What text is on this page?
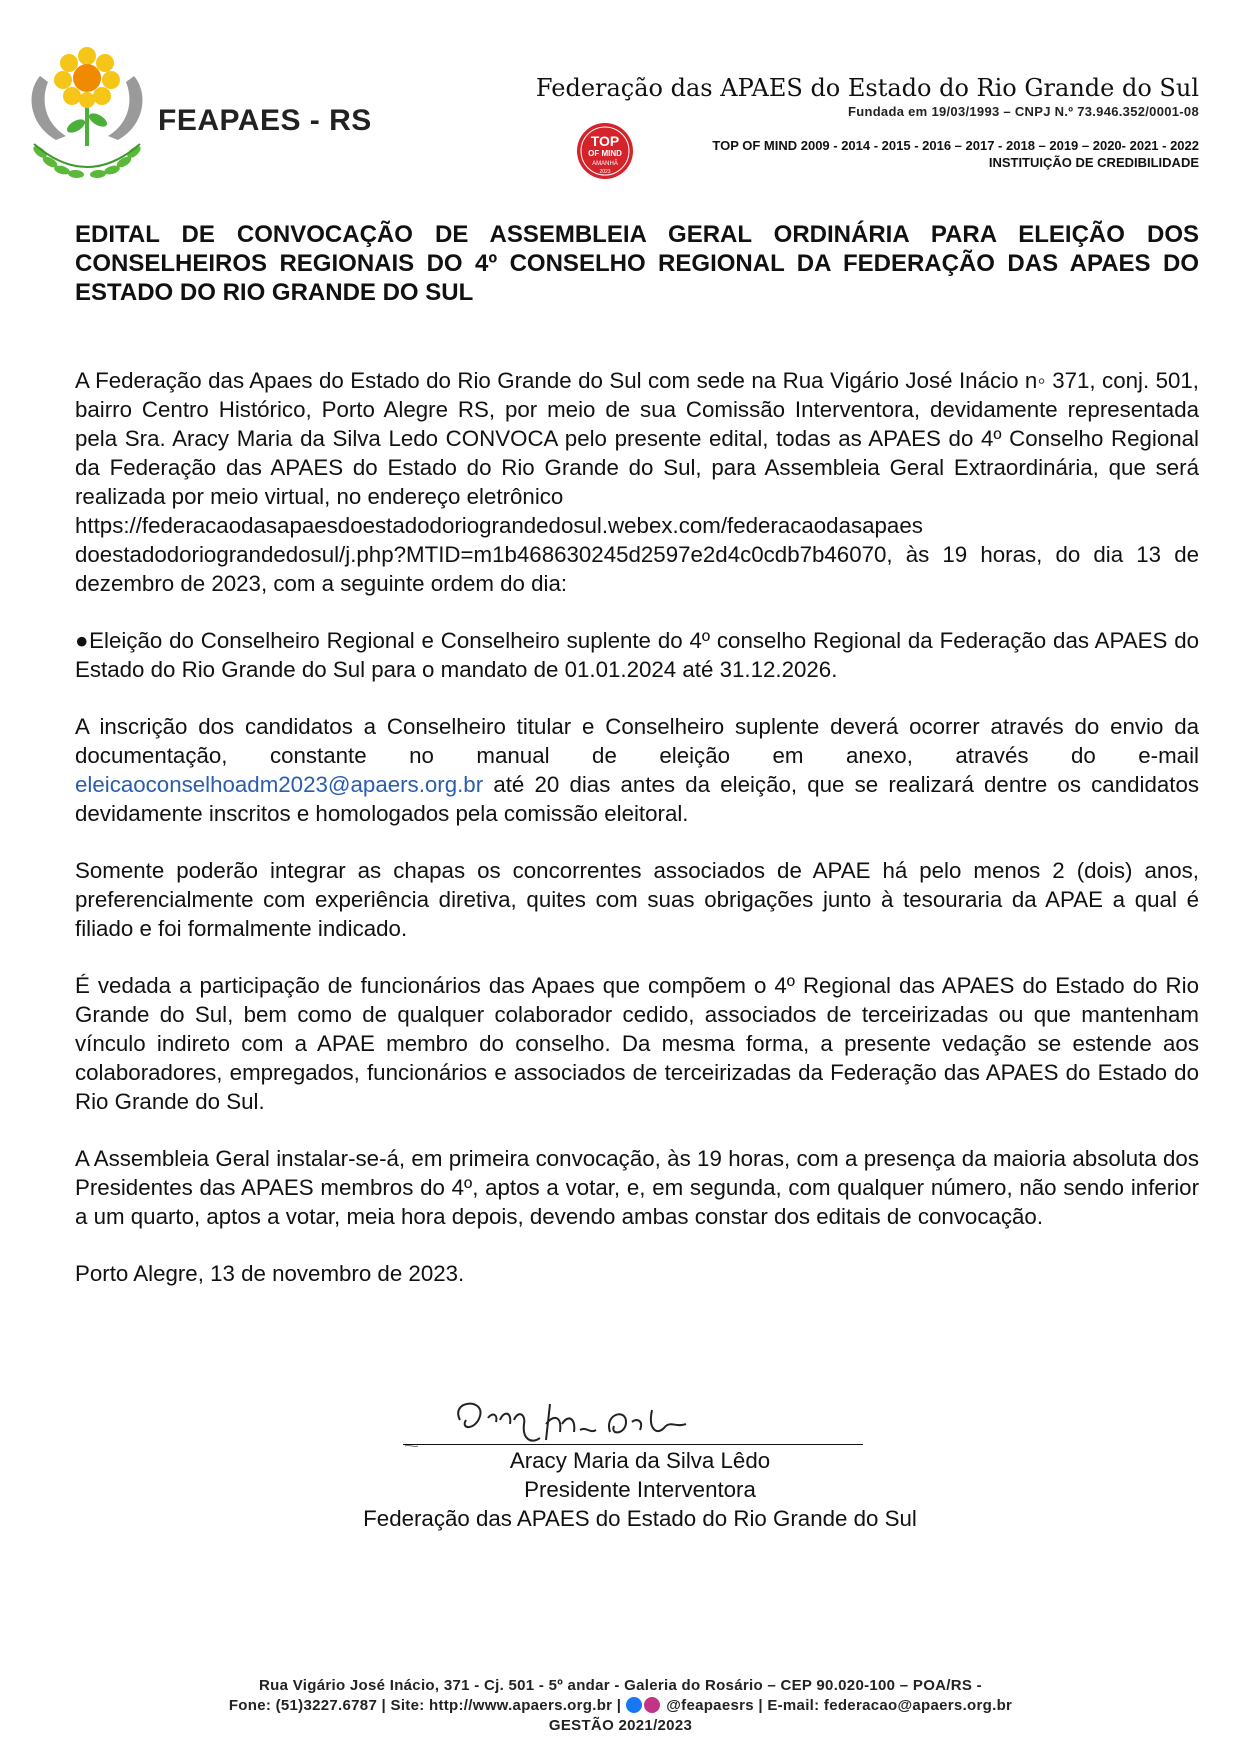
FEAPAES - RS
Federação das APAES do Estado do Rio Grande do Sul
Fundada em 19/03/1993 – CNPJ N.º 73.946.352/0001-08
TOP
OF MIND
AMANHÃ
2023
TOP OF MIND 2009 - 2014 - 2015 - 2016 – 2017 - 2018 – 2019 – 2020- 2021 - 2022
INSTITUIÇÃO DE CREDIBILIDADE
EDITAL DE CONVOCAÇÃO DE ASSEMBLEIA GERAL ORDINÁRIA PARA ELEIÇÃO DOS CONSELHEIROS REGIONAIS DO 4º CONSELHO REGIONAL DA FEDERAÇÃO DAS APAES DO ESTADO DO RIO GRANDE DO SUL

A Federação das Apaes do Estado do Rio Grande do Sul com sede na Rua Vigário José Inácio n◦ 371, conj. 501, bairro Centro Histórico, Porto Alegre RS, por meio de sua Comissão Interventora, devidamente representada pela Sra. Aracy Maria da Silva Ledo CONVOCA pelo presente edital, todas as APAES do 4º Conselho Regional da Federação das APAES do Estado do Rio Grande do Sul, para Assembleia Geral Extraordinária, que será realizada por meio virtual, no endereço eletrônico
https://federacaodasapaesdoestadodoriograndedosul.webex.com/federacaodasapaes
doestadodoriograndedosul/j.php?MTID=m1b468630245d2597e2d4c0cdb7b46070, às 19 horas, do dia 13 de dezembro de 2023, com a seguinte ordem do dia:

●Eleição do Conselheiro Regional e Conselheiro suplente do 4º conselho Regional da Federação das APAES do Estado do Rio Grande do Sul para o mandato de 01.01.2024 até 31.12.2026.

A inscrição dos candidatos a Conselheiro titular e Conselheiro suplente deverá ocorrer através do envio da documentação, constante no manual de eleição em anexo, através do e-mail eleicaoconselhoadm2023@apaers.org.br até 20 dias antes da eleição, que se realizará dentre os candidatos devidamente inscritos e homologados pela comissão eleitoral.

Somente poderão integrar as chapas os concorrentes associados de APAE há pelo menos 2 (dois) anos, preferencialmente com experiência diretiva, quites com suas obrigações junto à tesouraria da APAE a qual é filiado e foi formalmente indicado.

É vedada a participação de funcionários das Apaes que compõem o 4º Regional das APAES do Estado do Rio Grande do Sul, bem como de qualquer colaborador cedido, associados de terceirizadas ou que mantenham vínculo indireto com a APAE membro do conselho. Da mesma forma, a presente vedação se estende aos colaboradores, empregados, funcionários e associados de terceirizadas da Federação das APAES do Estado do Rio Grande do Sul.

A Assembleia Geral instalar-se-á, em primeira convocação, às 19 horas, com a presença da maioria absoluta dos Presidentes das APAES membros do 4º, aptos a votar, e, em segunda, com qualquer número, não sendo inferior a um quarto, aptos a votar, meia hora depois, devendo ambas constar dos editais de convocação.

Porto Alegre, 13 de novembro de 2023.

Aracy Maria da Silva Lêdo
Presidente Interventora
Federação das APAES do Estado do Rio Grande do Sul
Rua Vigário José Inácio, 371 - Cj. 501 - 5º andar - Galeria do Rosário – CEP 90.020-100 – POA/RS -
Fone: (51)3227.6787 | Site: http://www.apaers.org.br |  @feapaesrs | E-mail: federacao@apaers.org.br
GESTÃO 2021/2023
